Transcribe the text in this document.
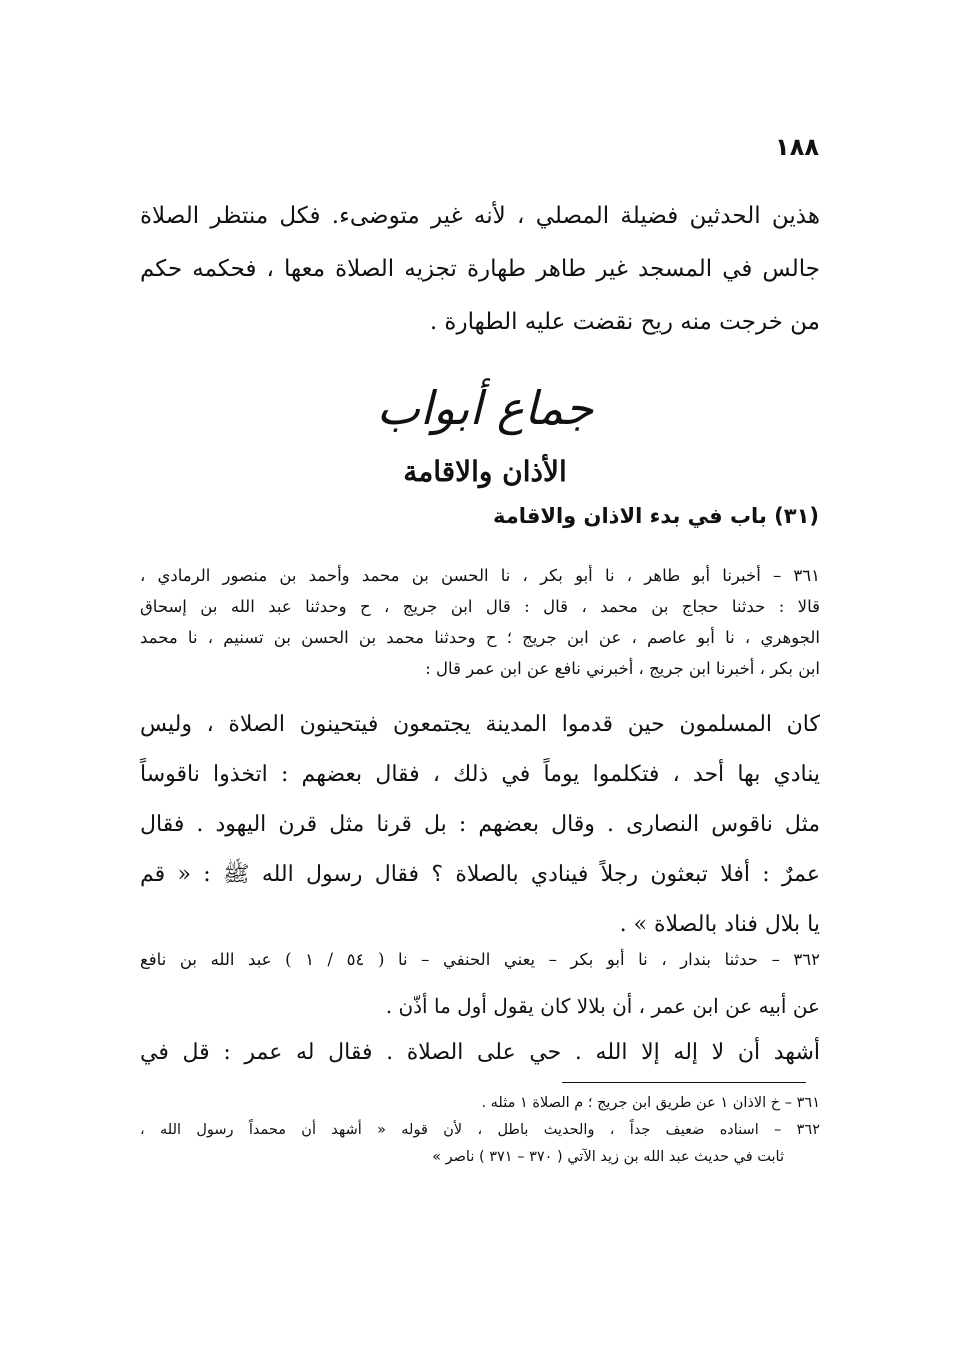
١٨٨
هذين الحدثين فضيلة المصلي ، لأنه غير متوضىء. فكل منتظر الصلاة
جالس في المسجد غير طاهر طهارة تجزيه الصلاة معها ، فحكمه حكم
من خرجت منه ريح نقضت عليه الطهارة .
جماع أبواب
الأذان والاقامة
(٣١) باب في بدء الاذان والاقامة
٣٦١ – أخبرنا أبو طاهر ، نا أبو بكر ، نا الحسن بن محمد وأحمد بن منصور الرمادي ،
قالا : حدثنا حجاج بن محمد ، قال : قال ابن جريج ، ح وحدثنا عبد الله بن إسحاق
الجوهري ، نا أبو عاصم ، عن ابن جريج ؛ ح وحدثنا محمد بن الحسن بن تسنيم ، نا محمد
ابن بكر ، أخبرنا ابن جريج ، أخبرني نافع عن ابن عمر قال :
كان المسلمون حين قدموا المدينة يجتمعون فيتحينون الصلاة ، وليس
ينادي بها أحد ، فتكلموا يوماً في ذلك ، فقال بعضهم : اتخذوا ناقوساً
مثل ناقوس النصارى . وقال بعضهم : بل قرنا مثل قرن اليهود . فقال
عمرٌ : أفلا تبعثون رجلاً فينادي بالصلاة ؟ فقال رسول الله ﷺ : « قم
يا بلال فناد بالصلاة » .
٣٦٢ – حدثنا بندار ، نا أبو بكر – يعني الحنفي – نا ( ٥٤ / ١ ) عبد الله بن نافع
عن أبيه عن ابن عمر ، أن بلالا كان يقول أول ما أذّن .
أشهد أن لا إله إلا الله . حي على الصلاة . فقال له عمر : قل في
٣٦١ – خ الاذان ١ عن طريق ابن جريج ؛ م الصلاة ١ مثله .
٣٦٢ – اسناده ضعيف جداً ، والحديث باطل ، لأن قوله « أشهد أن محمداً رسول الله ،
ثابت في حديث عبد الله بن زيد الآتي ( ٣٧٠ – ٣٧١ ) ناصر »
